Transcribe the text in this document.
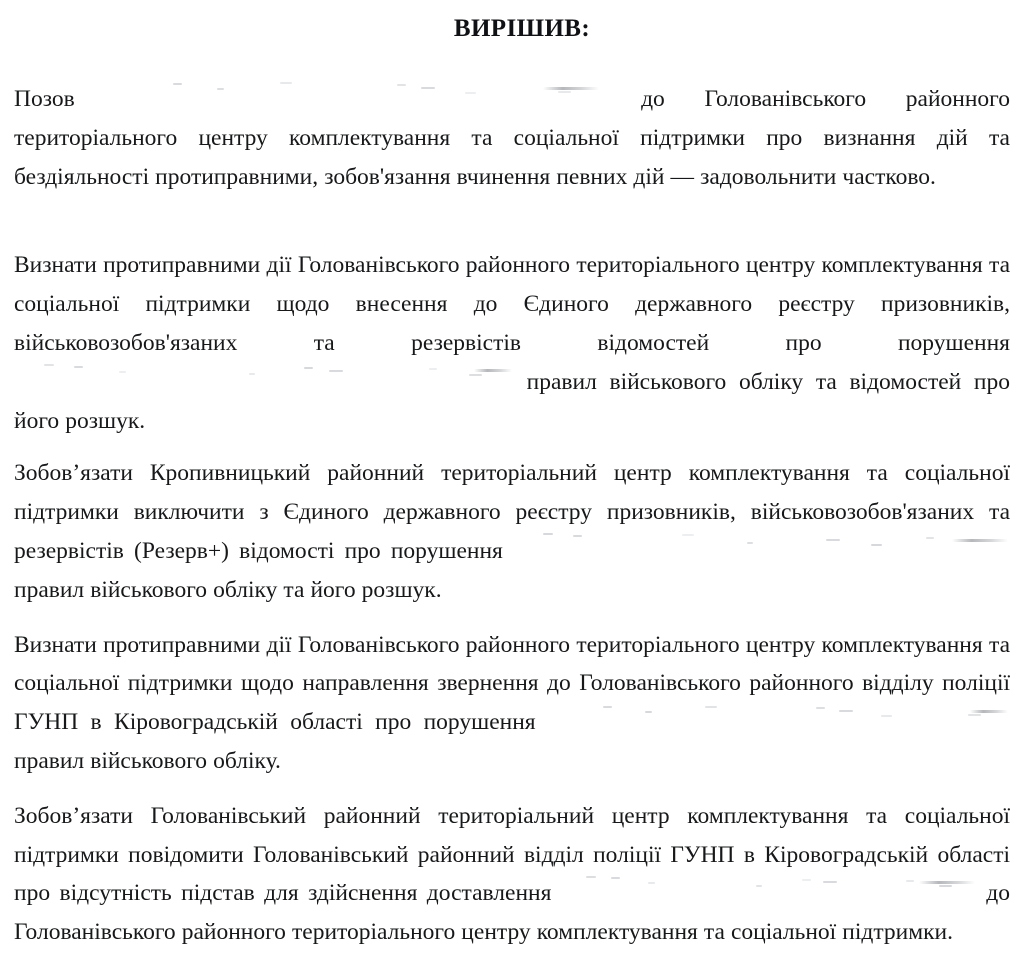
ВИРІШИВ:

Позов	до Голованівського районного територіального центру комплектування та соціальної підтримки про визнання дій та бездіяльності протиправними, зобов'язання вчинення певних дій — задовольнити частково.

Визнати протиправними дії Голованівського районного територіального центру комплектування та соціальної підтримки щодо внесення до Єдиного державного реєстру призовників, військовозобов'язаних та резервістів відомостей про порушення
правил військового обліку та відомостей про його розшук.

Зобов’язати Кропивницький районний територіальний центр комплектування та соціальної підтримки виключити з Єдиного державного реєстру призовників, військовозобов'язаних та резервістів (Резерв+) відомості про порушення
правил військового обліку та його розшук.

Визнати протиправними дії Голованівського районного територіального центру комплектування та соціальної підтримки щодо направлення звернення до Голованівського районного відділу поліції ГУНП в Кіровоградській області про порушення
правил військового обліку.

Зобов’язати Голованівський районний територіальний центр комплектування та соціальної підтримки повідомити Голованівський районний відділ поліції ГУНП в Кіровоградській області про відсутність підстав для здійснення доставлення	до Голованівського районного територіального центру комплектування та соціальної підтримки.
